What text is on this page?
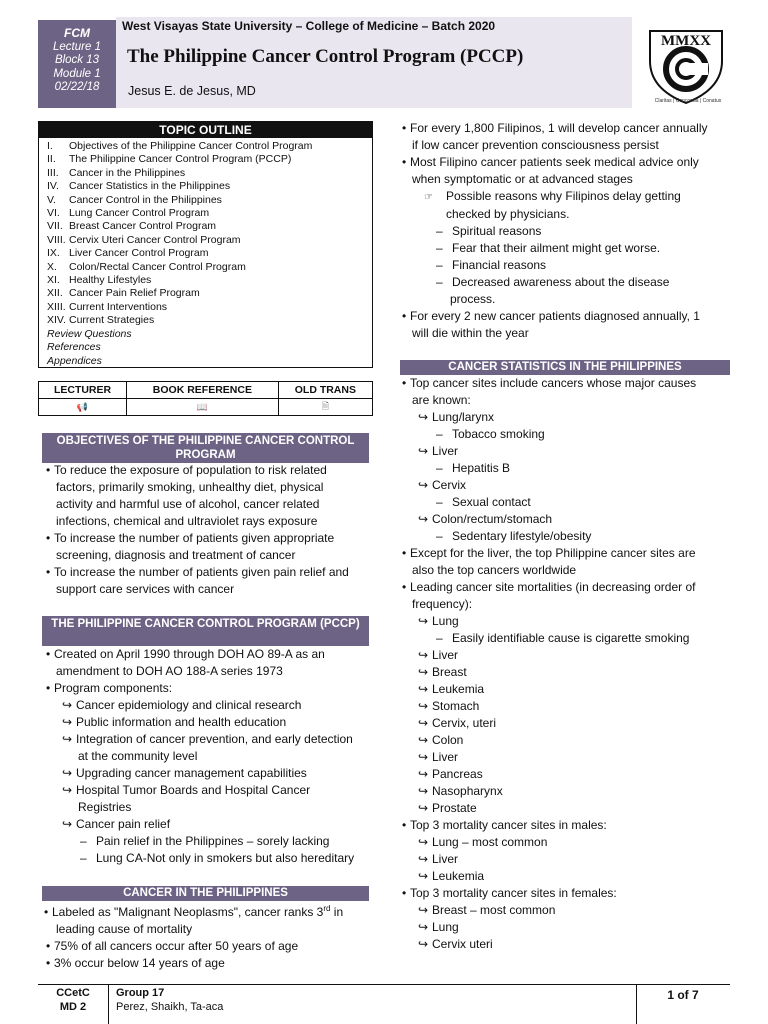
FCM
Lecture 1
Block 13
Module 1
02/22/18
West Visayas State University – College of Medicine – Batch 2020
The Philippine Cancer Control Program (PCCP)
Jesus E. de Jesus, MD
MMXX
Claritas | Concordia | Conatus
TOPIC OUTLINE
I.	Objectives of the Philippine Cancer Control Program
II.	The Philippine Cancer Control Program (PCCP)
III. Cancer in the Philippines
IV. Cancer Statistics in the Philippines
V.	Cancer Control in the Philippines
VI. Lung Cancer Control Program
VII. Breast Cancer Control Program
VIII. Cervix Uteri Cancer Control Program
IX. Liver Cancer Control Program
X.	Colon/Rectal Cancer Control Program
XI. Healthy Lifestyles
XII. Cancer Pain Relief Program
XIII. Current Interventions
XIV. Current Strategies
Review Questions
References
Appendices
LECTURER	BOOK REFERENCE	OLD TRANS
📢	📖	🗎
OBJECTIVES OF THE PHILIPPINE CANCER CONTROL PROGRAM
• To reduce the exposure of population to risk related
factors, primarily smoking, unhealthy diet, physical
activity and harmful use of alcohol, cancer related
infections, chemical and ultraviolet rays exposure
• To increase the number of patients given appropriate
screening, diagnosis and treatment of cancer
• To increase the number of patients given pain relief and
support care services with cancer
THE PHILIPPINE CANCER CONTROL PROGRAM (PCCP)
• Created on April 1990 through DOH AO 89-A as an
amendment to DOH AO 188-A series 1973
• Program components:
↪ Cancer epidemiology and clinical research
↪ Public information and health education
↪ Integration of cancer prevention, and early detection
at the community level
↪ Upgrading cancer management capabilities
↪ Hospital Tumor Boards and Hospital Cancer
Registries
↪ Cancer pain relief
– Pain relief in the Philippines – sorely lacking
– Lung CA-Not only in smokers but also hereditary
CANCER IN THE PHILIPPINES
• Labeled as "Malignant Neoplasms", cancer ranks 3rd in
leading cause of mortality
• 75% of all cancers occur after 50 years of age
• 3% occur below 14 years of age
• For every 1,800 Filipinos, 1 will develop cancer annually
if low cancer prevention consciousness persist
• Most Filipino cancer patients seek medical advice only
when symptomatic or at advanced stages
☞	Possible reasons why Filipinos delay getting
checked by physicians.
– Spiritual reasons
– Fear that their ailment might get worse.
– Financial reasons
– Decreased awareness about the disease
process.
• For every 2 new cancer patients diagnosed annually, 1
will die within the year
CANCER STATISTICS IN THE PHILIPPINES
• Top cancer sites include cancers whose major causes
are known:
↪ Lung/larynx
– Tobacco smoking
↪ Liver
– Hepatitis B
↪ Cervix
– Sexual contact
↪ Colon/rectum/stomach
– Sedentary lifestyle/obesity
• Except for the liver, the top Philippine cancer sites are
also the top cancers worldwide
• Leading cancer site mortalities (in decreasing order of
frequency):
↪ Lung
– Easily identifiable cause is cigarette smoking
↪ Liver
↪ Breast
↪ Leukemia
↪ Stomach
↪ Cervix, uteri
↪ Colon
↪ Liver
↪ Pancreas
↪ Nasopharynx
↪ Prostate
• Top 3 mortality cancer sites in males:
↪ Lung – most common
↪ Liver
↪ Leukemia
• Top 3 mortality cancer sites in females:
↪ Breast – most common
↪ Lung
↪ Cervix uteri
CCetC
MD 2
Group 17
Perez, Shaikh, Ta-aca
1 of 7
